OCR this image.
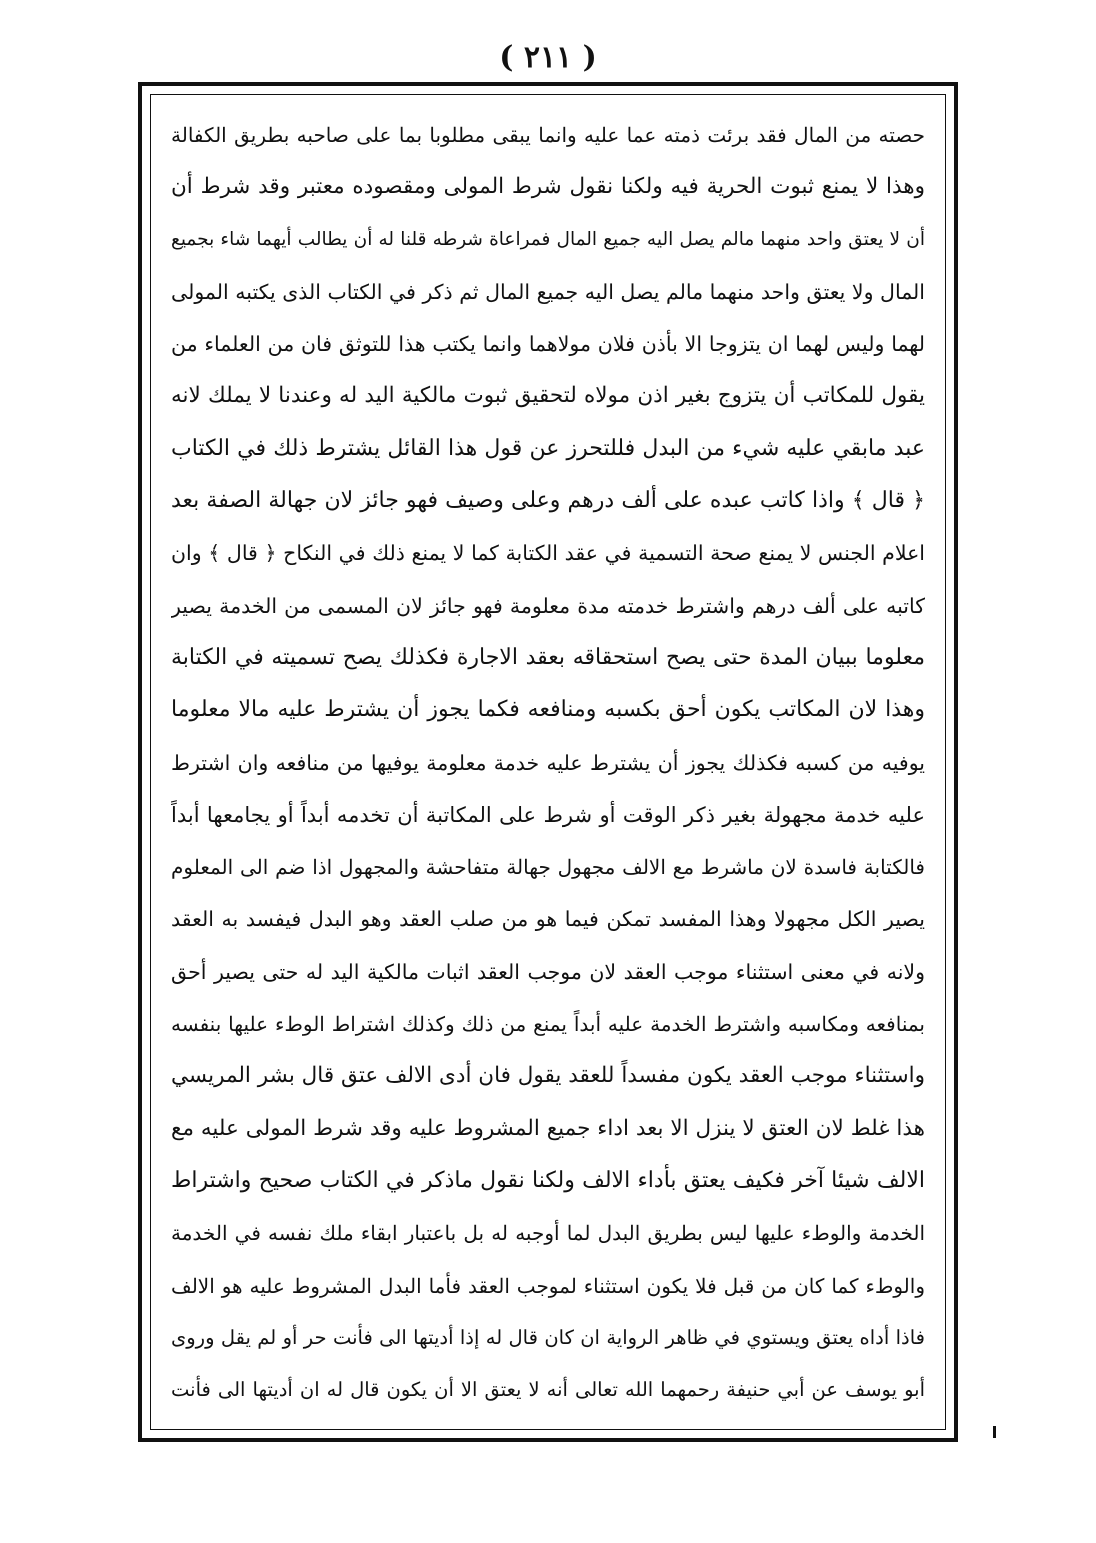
( ٢١١ )
حصته من المال فقد برئت ذمته عما عليه وانما يبقى مطلوبا بما على صاحبه بطريق الكفالة
وهذا لا يمنع ثبوت الحرية فيه ولكنا نقول شرط المولى ومقصوده معتبر وقد شرط أن
أن لا يعتق واحد منهما مالم يصل اليه جميع المال فمراعاة شرطه قلنا له أن يطالب أيهما شاء بجميع
المال ولا يعتق واحد منهما مالم يصل اليه جميع المال ثم ذكر في الكتاب الذى يكتبه المولى
لهما وليس لهما ان يتزوجا الا بأذن فلان مولاهما وانما يكتب هذا للتوثق فان من العلماء من
يقول للمكاتب أن يتزوج بغير اذن مولاه لتحقيق ثبوت مالكية اليد له وعندنا لا يملك لانه
عبد مابقي عليه شيء من البدل فللتحرز عن قول هذا القائل يشترط ذلك في الكتاب
﴿ قال ﴾ واذا كاتب عبده على ألف درهم وعلى وصيف فهو جائز لان جهالة الصفة بعد
اعلام الجنس لا يمنع صحة التسمية في عقد الكتابة كما لا يمنع ذلك في النكاح ﴿ قال ﴾ وان
كاتبه على ألف درهم واشترط خدمته مدة معلومة فهو جائز لان المسمى من الخدمة يصير
معلوما ببيان المدة حتى يصح استحقاقه بعقد الاجارة فكذلك يصح تسميته في الكتابة
وهذا لان المكاتب يكون أحق بكسبه ومنافعه فكما يجوز أن يشترط عليه مالا معلوما
يوفيه من كسبه فكذلك يجوز أن يشترط عليه خدمة معلومة يوفيها من منافعه وان اشترط
عليه خدمة مجهولة بغير ذكر الوقت أو شرط على المكاتبة أن تخدمه أبداً أو يجامعها أبداً
فالكتابة فاسدة لان ماشرط مع الالف مجهول جهالة متفاحشة والمجهول اذا ضم الى المعلوم
يصير الكل مجهولا وهذا المفسد تمكن فيما هو من صلب العقد وهو البدل فيفسد به العقد
ولانه في معنى استثناء موجب العقد لان موجب العقد اثبات مالكية اليد له حتى يصير أحق
بمنافعه ومكاسبه واشترط الخدمة عليه أبداً يمنع من ذلك وكذلك اشتراط الوطء عليها بنفسه
واستثناء موجب العقد يكون مفسداً للعقد يقول فان أدى الالف عتق قال بشر المريسي
هذا غلط لان العتق لا ينزل الا بعد اداء جميع المشروط عليه وقد شرط المولى عليه مع
الالف شيئا آخر فكيف يعتق بأداء الالف ولكنا نقول ماذكر في الكتاب صحيح واشتراط
الخدمة والوطء عليها ليس بطريق البدل لما أوجبه له بل باعتبار ابقاء ملك نفسه في الخدمة
والوطء كما كان من قبل فلا يكون استثناء لموجب العقد فأما البدل المشروط عليه هو الالف
فاذا أداه يعتق ويستوي في ظاهر الرواية ان كان قال له إذا أديتها الى فأنت حر أو لم يقل وروى
أبو يوسف عن أبي حنيفة رحمهما الله تعالى أنه لا يعتق الا أن يكون قال له ان أديتها الى فأنت
